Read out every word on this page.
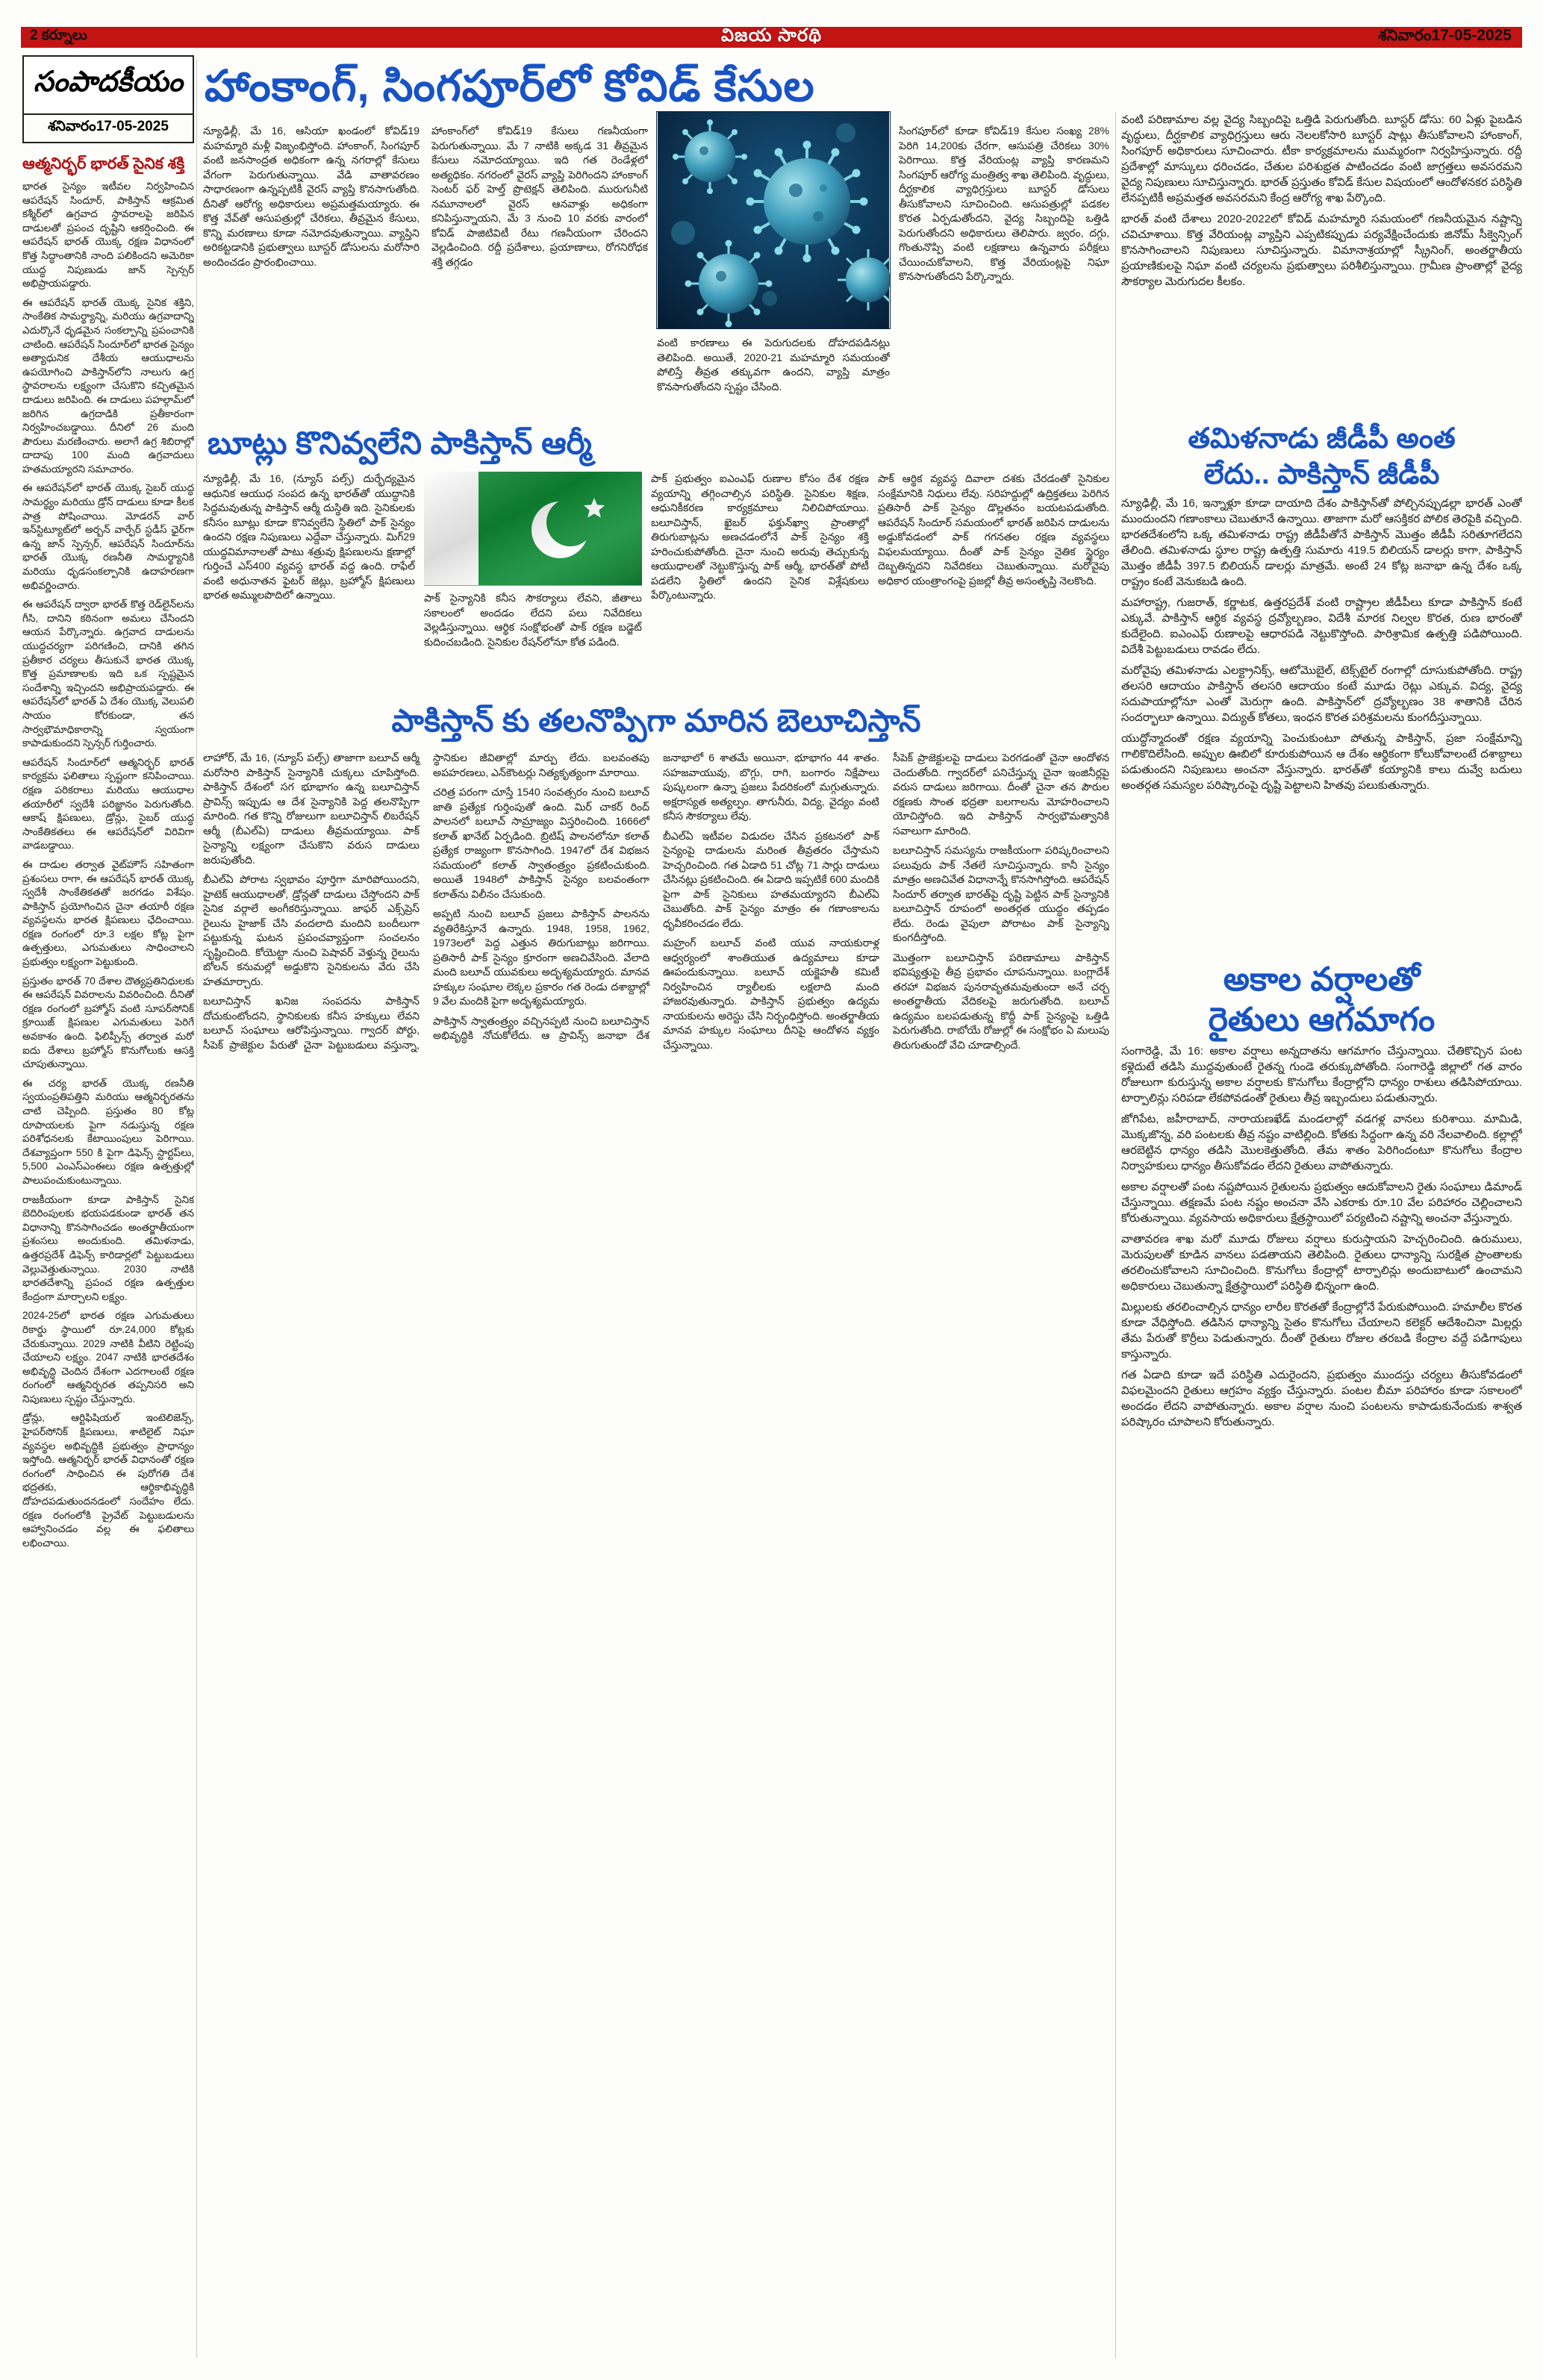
2 కర్నూలు	విజయ సారథి	శనివారం17-05-2025
సంపాదకీయం
శనివారం17-05-2025
ఆత్మనిర్భర్ భారత్ సైనిక శక్తి

భారత సైన్యం ఇటీవల నిర్వహించిన ఆపరేషన్ సిందూర్, పాకిస్తాన్ ఆక్రమిత కశ్మీర్‌లో ఉగ్రవాద స్థావరాలపై జరిపిన దాడులతో ప్రపంచ దృష్టిని ఆకర్షించింది. ఈ ఆపరేషన్ భారత్ యొక్క రక్షణ విధానంలో కొత్త సిద్ధాంతానికి నాంది పలికిందని అమెరికా యుద్ధ నిపుణుడు జాన్ స్పెన్సర్ అభిప్రాయపడ్డారు.

ఈ ఆపరేషన్ భారత్ యొక్క సైనిక శక్తిని, సాంకేతిక సామర్థ్యాన్ని, మరియు ఉగ్రవాదాన్ని ఎదుర్కొనే ధృడమైన సంకల్పాన్ని ప్రపంచానికి చాటింది. ఆపరేషన్ సిందూర్‌లో భారత సైన్యం అత్యాధునిక దేశీయ ఆయుధాలను ఉపయోగించి పాకిస్తాన్‌లోని నాలుగు ఉగ్ర స్థావరాలను లక్ష్యంగా చేసుకొని కచ్చితమైన దాడులు జరిపింది. ఈ దాడులు పహల్గామ్‌లో జరిగిన ఉగ్రదాడికి ప్రతీకారంగా నిర్వహించబడ్డాయి. దీనిలో 26 మంది పౌరులు మరణించారు. అలాగే ఉగ్ర శిబిరాల్లో దాదాపు 100 మంది ఉగ్రవాదులు హతమయ్యారని సమాచారం.

ఈ ఆపరేషన్‌లో భారత్ యొక్క సైబర్ యుద్ధ సామర్థ్యం మరియు డ్రోన్ దాడులు కూడా కీలక పాత్ర పోషించాయి. మోడరన్ వార్ ఇన్‌స్టిట్యూట్‌లో అర్బన్ వార్ఫేర్ స్టడీస్ ఛైర్‌గా ఉన్న జాన్ స్పెన్సర్, ఆపరేషన్ సిందూర్‌ను భారత్ యొక్క రణనీతి సామర్థ్యానికి మరియు ధృడసంకల్పానికి ఉదాహరణగా అభివర్ణించారు.

ఈ ఆపరేషన్ ద్వారా భారత్ కొత్త రెడ్‌లైన్‌లను గీసి, దానిని కఠినంగా అమలు చేసిందని ఆయన పేర్కొన్నారు. ఉగ్రవాద దాడులను యుద్ధచర్యగా పరిగణించి, దానికి తగిన ప్రతీకార చర్యలు తీసుకునే భారత యొక్క కొత్త ప్రమాణాలకు ఇది ఒక స్పష్టమైన సందేశాన్ని ఇచ్చిందని అభిప్రాయపడ్డారు. ఈ ఆపరేషన్‌లో భారత్ ఏ దేశం యొక్క వెలుపలి సాయం కోరకుండా, తన సార్వభౌమాధికారాన్ని స్వయంగా కాపాడుకుందని స్పెన్సర్ గుర్తించారు.

ఆపరేషన్ సిందూర్‌లో ఆత్మనిర్భర్ భారత్ కార్యక్రమ ఫలితాలు స్పష్టంగా కనిపించాయి. రక్షణ పరికరాలు మరియు ఆయుధాల తయారీలో స్వదేశీ పరిజ్ఞానం పెరుగుతోంది. ఆకాష్ క్షిపణులు, డ్రోన్లు, సైబర్ యుద్ధ సాంకేతికతలు ఈ ఆపరేషన్‌లో విరివిగా వాడబడ్డాయి.

ఈ దాడుల తర్వాత వైట్‌హౌస్ సహితంగా ప్రశంసలు రాగా, ఈ ఆపరేషన్ భారత్ యొక్క స్వదేశీ సాంకేతికతతో జరగడం విశేషం. పాకిస్తాన్ ప్రయోగించిన చైనా తయారీ రక్షణ వ్యవస్థలను భారత క్షిపణులు ఛేదించాయి. రక్షణ రంగంలో రూ.3 లక్షల కోట్ల పైగా ఉత్పత్తులు, ఎగుమతులు సాధించాలని ప్రభుత్వం లక్ష్యంగా పెట్టుకుంది.

ప్రస్తుతం భారత్ 70 దేశాల దౌత్యప్రతినిధులకు ఈ ఆపరేషన్ వివరాలను వివరించింది. దీనితో రక్షణ రంగంలో బ్రహ్మోస్ వంటి సూపర్‌సోనిక్ క్రూయిజ్ క్షిపణుల ఎగుమతులు పెరిగే అవకాశం ఉంది. ఫిలిప్పీన్స్ తర్వాత మరో ఐదు దేశాలు బ్రహ్మోస్ కొనుగోలుకు ఆసక్తి చూపుతున్నాయి.

ఈ చర్య భారత్ యొక్క రణనీతి స్వయంప్రతిపత్తిని మరియు ఆత్మనిర్భరతను చాటి చెప్పింది. ప్రస్తుతం 80 కోట్ల రూపాయలకు పైగా నడుస్తున్న రక్షణ పరిశోధనలకు కేటాయింపులు పెరిగాయి. దేశవ్యాప్తంగా 550 కి పైగా డిఫెన్స్ స్టార్టప్‌లు, 5,500 ఎంఎస్‌ఎంఈలు రక్షణ ఉత్పత్తుల్లో పాలుపంచుకుంటున్నాయి.

రాజకీయంగా కూడా పాకిస్తాన్ సైనిక బెదిరింపులకు భయపడకుండా భారత్ తన విధానాన్ని కొనసాగించడం అంతర్జాతీయంగా ప్రశంసలు అందుకుంది. తమిళనాడు, ఉత్తరప్రదేశ్ డిఫెన్స్ కారిడార్లలో పెట్టుబడులు వెల్లువెత్తుతున్నాయి. 2030 నాటికి భారతదేశాన్ని ప్రపంచ రక్షణ ఉత్పత్తుల కేంద్రంగా మార్చాలని లక్ష్యం.

2024-25లో భారత రక్షణ ఎగుమతులు రికార్డు స్థాయిలో రూ.24,000 కోట్లకు చేరుకున్నాయి. 2029 నాటికి వీటిని రెట్టింపు చేయాలని లక్ష్యం. 2047 నాటికి భారతదేశం అభివృద్ధి చెందిన దేశంగా ఎదగాలంటే రక్షణ రంగంలో ఆత్మనిర్భరత తప్పనిసరి అని నిపుణులు స్పష్టం చేస్తున్నారు.

డ్రోన్లు, ఆర్టిఫిషియల్ ఇంటెలిజెన్స్, హైపర్‌సోనిక్ క్షిపణులు, శాటిలైట్ నిఘా వ్యవస్థల అభివృద్ధికి ప్రభుత్వం ప్రాధాన్యం ఇస్తోంది. ఆత్మనిర్భర్ భారత్ విధానంతో రక్షణ రంగంలో సాధించిన ఈ పురోగతి దేశ భద్రతకు, ఆర్థికాభివృద్ధికి దోహదపడుతుందనడంలో సందేహం లేదు. రక్షణ రంగంలోకి ప్రైవేట్ పెట్టుబడులను ఆహ్వానించడం వల్ల ఈ ఫలితాలు లభించాయి.

హాంకాంగ్, సింగపూర్‌లో కోవిడ్ కేసుల

న్యూఢిల్లీ, మే 16, ఆసియా ఖండంలో కోవిడ్‌19 మహమ్మారి మళ్లీ విజృంభిస్తోంది. హాంకాంగ్, సింగపూర్ వంటి జనసాంద్రత అధికంగా ఉన్న నగరాల్లో కేసులు వేగంగా పెరుగుతున్నాయి. వేడి వాతావరణం సాధారణంగా ఉన్నప్పటికీ వైరస్ వ్యాప్తి కొనసాగుతోంది. దీనితో ఆరోగ్య అధికారులు అప్రమత్తమయ్యారు. ఈ కొత్త వేవ్‌తో ఆసుపత్రుల్లో చేరికలు, తీవ్రమైన కేసులు, కొన్ని మరణాలు కూడా నమోదవుతున్నాయి. వ్యాప్తిని అరికట్టడానికి ప్రభుత్వాలు బూస్టర్ డోసులను మరోసారి అందించడం ప్రారంభించాయి.

హాంకాంగ్‌లో కోవిడ్‌19 కేసులు గణనీయంగా పెరుగుతున్నాయి. మే 7 నాటికి అక్కడ 31 తీవ్రమైన కేసులు నమోదయ్యాయి. ఇది గత రెండేళ్లలో అత్యధికం. నగరంలో వైరస్ వ్యాప్తి పెరిగిందని హాంకాంగ్ సెంటర్ ఫర్ హెల్త్ ప్రొటెక్షన్ తెలిపింది. మురుగునీటి నమూనాలలో వైరస్ ఆనవాళ్లు అధికంగా కనిపిస్తున్నాయని, మే 3 నుంచి 10 వరకు వారంలో కోవిడ్ పాజిటివిటీ రేటు గణనీయంగా చేరిందని వెల్లడించింది. రద్దీ ప్రదేశాలు, ప్రయాణాలు, రోగనిరోధక శక్తి తగ్గడం

వంటి కారణాలు ఈ పెరుగుదలకు దోహదపడినట్లు తెలిపింది. అయితే, 2020-21 మహమ్మారి సమయంతో పోలిస్తే తీవ్రత తక్కువగా ఉందని, వ్యాప్తి మాత్రం కొనసాగుతోందని స్పష్టం చేసింది.

సింగపూర్‌లో కూడా కోవిడ్‌19 కేసుల సంఖ్య 28% పెరిగి 14,200కు చేరగా, ఆసుపత్రి చేరికలు 30% పెరిగాయి. కొత్త వేరియంట్ల వ్యాప్తి కారణమని సింగపూర్ ఆరోగ్య మంత్రిత్వ శాఖ తెలిపింది. వృద్ధులు, దీర్ఘకాలిక వ్యాధిగ్రస్తులు బూస్టర్ డోసులు తీసుకోవాలని సూచించింది. ఆసుపత్రుల్లో పడకల కొరత ఏర్పడుతోందని, వైద్య సిబ్బందిపై ఒత్తిడి పెరుగుతోందని అధికారులు తెలిపారు. జ్వరం, దగ్గు, గొంతునొప్పి వంటి లక్షణాలు ఉన్నవారు పరీక్షలు చేయించుకోవాలని, కొత్త వేరియంట్లపై నిఘా కొనసాగుతోందని పేర్కొన్నారు.

వంటి పరిణామాల వల్ల వైద్య సిబ్బందిపై ఒత్తిడి పెరుగుతోంది. బూస్టర్ డోసు: 60 ఏళ్లు పైబడిన వృద్ధులు, దీర్ఘకాలిక వ్యాధిగ్రస్తులు ఆరు నెలలకోసారి బూస్టర్ షాట్లు తీసుకోవాలని హాంకాంగ్, సింగపూర్ అధికారులు సూచించారు. టీకా కార్యక్రమాలను ముమ్మరంగా నిర్వహిస్తున్నారు. రద్దీ ప్రదేశాల్లో మాస్కులు ధరించడం, చేతుల పరిశుభ్రత పాటించడం వంటి జాగ్రత్తలు అవసరమని వైద్య నిపుణులు సూచిస్తున్నారు. భారత్ ప్రస్తుతం కోవిడ్ కేసుల విషయంలో ఆందోళనకర పరిస్థితి లేనప్పటికీ అప్రమత్తత అవసరమని కేంద్ర ఆరోగ్య శాఖ పేర్కొంది.

భారత్ వంటి దేశాలు 2020-2022లో కోవిడ్ మహమ్మారి సమయంలో గణనీయమైన నష్టాన్ని చవిచూశాయి. కొత్త వేరియంట్ల వ్యాప్తిని ఎప్పటికప్పుడు పర్యవేక్షించేందుకు జినోమ్ సీక్వెన్సింగ్ కొనసాగించాలని నిపుణులు సూచిస్తున్నారు. విమానాశ్రయాల్లో స్క్రీనింగ్, అంతర్జాతీయ ప్రయాణికులపై నిఘా వంటి చర్యలను ప్రభుత్వాలు పరిశీలిస్తున్నాయి. గ్రామీణ ప్రాంతాల్లో వైద్య సౌకర్యాల మెరుగుదల కీలకం.

బూట్లు కొనివ్వలేని పాకిస్తాన్ ఆర్మీ

న్యూఢిల్లీ, మే 16, (న్యూస్ పల్స్) దుర్భేద్యమైన ఆధునిక ఆయుధ సంపద ఉన్న భారత్‌తో యుద్ధానికి సిద్ధమవుతున్న పాకిస్తాన్ ఆర్మీ దుస్థితి ఇది. సైనికులకు కనీసం బూట్లు కూడా కొనివ్వలేని స్థితిలో పాక్ సైన్యం ఉందని రక్షణ నిపుణులు ఎద్దేవా చేస్తున్నారు. మిగ్‌29 యుద్ధవిమానాలతో పాటు శత్రువు క్షిపణులను క్షణాల్లో గుర్తించే ఎస్‌400 వ్యవస్థ భారత్ వద్ద ఉంది. రాఫేల్ వంటి అధునాతన ఫైటర్ జెట్లు, బ్రహ్మోస్ క్షిపణులు భారత అమ్ములపొదిలో ఉన్నాయి.	పాక్ సైన్యానికి కనీస సౌకర్యాలు లేవని, జీతాలు సకాలంలో అందడం లేదని పలు నివేదికలు వెల్లడిస్తున్నాయి. ఆర్థిక సంక్షోభంతో పాక్ రక్షణ బడ్జెట్ కుదించబడింది. సైనికుల రేషన్‌లోనూ కోత పడింది.

పాక్ ప్రభుత్వం ఐఎంఎఫ్ రుణాల కోసం దేశ రక్షణ వ్యయాన్ని తగ్గించాల్సిన పరిస్థితి. సైనికుల శిక్షణ, ఆధునికీకరణ కార్యక్రమాలు నిలిచిపోయాయి. బలూచిస్తాన్, ఖైబర్ ఫక్తున్‌ఖ్వా ప్రాంతాల్లో తిరుగుబాట్లను అణచడంలోనే పాక్ సైన్యం శక్తి హరించుకుపోతోంది. చైనా నుంచి అరువు తెచ్చుకున్న ఆయుధాలతో నెట్టుకొస్తున్న పాక్ ఆర్మీ, భారత్‌తో పోటీ పడలేని స్థితిలో ఉందని సైనిక విశ్లేషకులు పేర్కొంటున్నారు.

పాక్ ఆర్థిక వ్యవస్థ దివాలా దశకు చేరడంతో సైనికుల సంక్షేమానికి నిధులు లేవు. సరిహద్దుల్లో ఉద్రిక్తతలు పెరిగిన ప్రతిసారీ పాక్ సైన్యం డొల్లతనం బయటపడుతోంది. ఆపరేషన్ సిందూర్ సమయంలో భారత్ జరిపిన దాడులను అడ్డుకోవడంలో పాక్ గగనతల రక్షణ వ్యవస్థలు విఫలమయ్యాయి. దీంతో పాక్ సైన్యం నైతిక స్థైర్యం దెబ్బతిన్నదని నివేదికలు చెబుతున్నాయి. మరోవైపు అధికార యంత్రాంగంపై ప్రజల్లో తీవ్ర అసంతృప్తి నెలకొంది.

పాకిస్తాన్ కు తలనొప్పిగా మారిన బెలూచిస్తాన్

లాహోర్, మే 16, (న్యూస్ పల్స్) తాజాగా బలూచ్ ఆర్మీ మరోసారి పాకిస్తాన్ సైన్యానికి చుక్కలు చూపిస్తోంది. పాకిస్తాన్ దేశంలో సగ భూభాగం ఉన్న బలూచిస్తాన్ ప్రావిన్స్ ఇప్పుడు ఆ దేశ సైన్యానికి పెద్ద తలనొప్పిగా మారింది. గత కొన్ని రోజులుగా బలూచిస్తాన్ లిబరేషన్ ఆర్మీ (బీఎల్‌ఏ) దాడులు తీవ్రమయ్యాయి. పాక్ సైన్యాన్ని లక్ష్యంగా చేసుకొని వరుస దాడులు జరుపుతోంది.

బీఎల్‌ఏ పోరాట స్వభావం పూర్తిగా మారిపోయిందని, హైటెక్ ఆయుధాలతో, డ్రోన్లతో దాడులు చేస్తోందని పాక్ సైనిక వర్గాలే అంగీకరిస్తున్నాయి. జాఫర్ ఎక్స్‌ప్రెస్ రైలును హైజాక్ చేసి వందలాది మందిని బందీలుగా పట్టుకున్న ఘటన ప్రపంచవ్యాప్తంగా సంచలనం సృష్టించింది. కోయెట్టా నుంచి పెషావర్ వెళ్తున్న రైలును బోలన్ కనుమల్లో అడ్డుకొని సైనికులను వేరు చేసి హతమార్చారు.

బలూచిస్తాన్ ఖనిజ సంపదను పాకిస్తాన్ దోచుకుంటోందని, స్థానికులకు కనీస హక్కులు లేవని బలూచ్ సంఘాలు ఆరోపిస్తున్నాయి. గ్వాదర్ పోర్టు, సీపెక్ ప్రాజెక్టుల పేరుతో చైనా పెట్టుబడులు వస్తున్నా, స్థానికుల జీవితాల్లో మార్పు లేదు. బలవంతపు అపహరణలు, ఎన్‌కౌంటర్లు నిత్యకృత్యంగా మారాయి.

చరిత్ర పరంగా చూస్తే 1540 సంవత్సరం నుంచి బలూచ్ జాతి ప్రత్యేక గుర్తింపుతో ఉంది. మిర్ చాకర్ రింద్ పాలనలో బలూచ్ సామ్రాజ్యం విస్తరించింది. 1666లో కలాత్ ఖానేట్ ఏర్పడింది. బ్రిటిష్ పాలనలోనూ కలాత్ ప్రత్యేక రాజ్యంగా కొనసాగింది. 1947లో దేశ విభజన సమయంలో కలాత్ స్వాతంత్ర్యం ప్రకటించుకుంది. అయితే 1948లో పాకిస్తాన్ సైన్యం బలవంతంగా కలాత్‌ను విలీనం చేసుకుంది.

అప్పటి నుంచి బలూచ్ ప్రజలు పాకిస్తాన్ పాలనను వ్యతిరేకిస్తూనే ఉన్నారు. 1948, 1958, 1962, 1973లలో పెద్ద ఎత్తున తిరుగుబాట్లు జరిగాయి. ప్రతిసారీ పాక్ సైన్యం క్రూరంగా అణచివేసింది. వేలాది మంది బలూచ్ యువకులు అదృశ్యమయ్యారు. మానవ హక్కుల సంఘాల లెక్కల ప్రకారం గత రెండు దశాబ్దాల్లో 9 వేల మందికి పైగా అదృశ్యమయ్యారు.

పాకిస్తాన్ స్వాతంత్ర్యం వచ్చినప్పటి నుంచి బలూచిస్తాన్ అభివృద్ధికి నోచుకోలేదు. ఆ ప్రావిన్స్ జనాభా దేశ జనాభాలో 6 శాతమే అయినా, భూభాగం 44 శాతం. సహజవాయువు, బొగ్గు, రాగి, బంగారం నిక్షేపాలు పుష్కలంగా ఉన్నా ప్రజలు పేదరికంలో మగ్గుతున్నారు. అక్షరాస్యత అత్యల్పం. తాగునీరు, విద్య, వైద్యం వంటి కనీస సౌకర్యాలు లేవు.

బీఎల్‌ఏ ఇటీవల విడుదల చేసిన ప్రకటనలో పాక్ సైన్యంపై దాడులను మరింత తీవ్రతరం చేస్తామని హెచ్చరించింది. గత ఏడాది 51 చోట్ల 71 సార్లు దాడులు చేసినట్లు ప్రకటించింది. ఈ ఏడాది ఇప్పటికే 600 మందికి పైగా పాక్ సైనికులు హతమయ్యారని బీఎల్‌ఏ చెబుతోంది. పాక్ సైన్యం మాత్రం ఈ గణాంకాలను ధృవీకరించడం లేదు.

మహ్రంగ్ బలూచ్ వంటి యువ నాయకురాళ్ల ఆధ్వర్యంలో శాంతియుత ఉద్యమాలు కూడా ఊపందుకున్నాయి. బలూచ్ యక్జెహతీ కమిటీ నిర్వహించిన ర్యాలీలకు లక్షలాది మంది హాజరవుతున్నారు. పాకిస్తాన్ ప్రభుత్వం ఉద్యమ నాయకులను అరెస్టు చేసి నిర్బంధిస్తోంది. అంతర్జాతీయ మానవ హక్కుల సంఘాలు దీనిపై ఆందోళన వ్యక్తం చేస్తున్నాయి.

సీపెక్ ప్రాజెక్టులపై దాడులు పెరగడంతో చైనా ఆందోళన చెందుతోంది. గ్వాదర్‌లో పనిచేస్తున్న చైనా ఇంజినీర్లపై వరుస దాడులు జరిగాయి. దీంతో చైనా తన పౌరుల రక్షణకు సొంత భద్రతా బలగాలను మోహరించాలని యోచిస్తోంది. ఇది పాకిస్తాన్ సార్వభౌమత్వానికి సవాలుగా మారింది.

బలూచిస్తాన్ సమస్యను రాజకీయంగా పరిష్కరించాలని పలువురు పాక్ నేతలే సూచిస్తున్నారు. కానీ సైన్యం మాత్రం అణచివేత విధానాన్నే కొనసాగిస్తోంది. ఆపరేషన్ సిందూర్ తర్వాత భారత్‌పై దృష్టి పెట్టిన పాక్ సైన్యానికి బలూచిస్తాన్ రూపంలో అంతర్గత యుద్ధం తప్పడం లేదు. రెండు వైపులా పోరాటం పాక్ సైన్యాన్ని కుంగదీస్తోంది.

మొత్తంగా బలూచిస్తాన్ పరిణామాలు పాకిస్తాన్ భవిష్యత్తుపై తీవ్ర ప్రభావం చూపనున్నాయి. బంగ్లాదేశ్ తరహా విభజన పునరావృతమవుతుందా అనే చర్చ అంతర్జాతీయ వేదికలపై జరుగుతోంది. బలూచ్ ఉద్యమం బలపడుతున్న కొద్దీ పాక్ సైన్యంపై ఒత్తిడి పెరుగుతోంది. రాబోయే రోజుల్లో ఈ సంక్షోభం ఏ మలుపు తిరుగుతుందో వేచి చూడాల్సిందే.

తమిళనాడు జీడీపీ అంత
లేదు.. పాకిస్తాన్ జీడీపీ

న్యూఢిల్లీ, మే 16, ఇన్నాళ్లూ కూడా దాయాది దేశం పాకిస్తాన్‌తో పోల్చినప్పుడల్లా భారత్ ఎంతో ముందుందని గణాంకాలు చెబుతూనే ఉన్నాయి. తాజాగా మరో ఆసక్తికర పోలిక తెరపైకి వచ్చింది. భారతదేశంలోని ఒక్క తమిళనాడు రాష్ట్ర జీడీపీతోనే పాకిస్తాన్ మొత్తం జీడీపీ సరితూగలేదని తేలింది. తమిళనాడు స్థూల రాష్ట్ర ఉత్పత్తి సుమారు 419.5 బిలియన్ డాలర్లు కాగా, పాకిస్తాన్ మొత్తం జీడీపీ 397.5 బిలియన్ డాలర్లు మాత్రమే. అంటే 24 కోట్ల జనాభా ఉన్న దేశం ఒక్క రాష్ట్రం కంటే వెనుకబడి ఉంది.

మహారాష్ట్ర, గుజరాత్, కర్ణాటక, ఉత్తరప్రదేశ్ వంటి రాష్ట్రాల జీడీపీలు కూడా పాకిస్తాన్ కంటే ఎక్కువే. పాకిస్తాన్ ఆర్థిక వ్యవస్థ ద్రవ్యోల్బణం, విదేశీ మారక నిల్వల కొరత, రుణ భారంతో కుదేలైంది. ఐఎంఎఫ్ రుణాలపై ఆధారపడి నెట్టుకొస్తోంది. పారిశ్రామిక ఉత్పత్తి పడిపోయింది. విదేశీ పెట్టుబడులు రావడం లేదు.

మరోవైపు తమిళనాడు ఎలక్ట్రానిక్స్, ఆటోమొబైల్, టెక్స్‌టైల్ రంగాల్లో దూసుకుపోతోంది. రాష్ట్ర తలసరి ఆదాయం పాకిస్తాన్ తలసరి ఆదాయం కంటే మూడు రెట్లు ఎక్కువ. విద్య, వైద్య సదుపాయాల్లోనూ ఎంతో మెరుగ్గా ఉంది. పాకిస్తాన్‌లో ద్రవ్యోల్బణం 38 శాతానికి చేరిన సందర్భాలూ ఉన్నాయి. విద్యుత్ కోతలు, ఇంధన కొరత పరిశ్రమలను కుంగదీస్తున్నాయి.

యుద్ధోన్మాదంతో రక్షణ వ్యయాన్ని పెంచుకుంటూ పోతున్న పాకిస్తాన్, ప్రజా సంక్షేమాన్ని గాలికొదిలేసింది. అప్పుల ఊబిలో కూరుకుపోయిన ఆ దేశం ఆర్థికంగా కోలుకోవాలంటే దశాబ్దాలు పడుతుందని నిపుణులు అంచనా వేస్తున్నారు. భారత్‌తో కయ్యానికి కాలు దువ్వే బదులు అంతర్గత సమస్యల పరిష్కారంపై దృష్టి పెట్టాలని హితవు పలుకుతున్నారు.

అకాల వర్షాలతో
రైతులు ఆగమాగం

సంగారెడ్డి, మే 16: అకాల వర్షాలు అన్నదాతను ఆగమాగం చేస్తున్నాయి. చేతికొచ్చిన పంట కళ్లెదుటే తడిసి ముద్దవుతుంటే రైతన్న గుండె తరుక్కుపోతోంది. సంగారెడ్డి జిల్లాలో గత వారం రోజులుగా కురుస్తున్న అకాల వర్షాలకు కొనుగోలు కేంద్రాల్లోని ధాన్యం రాశులు తడిసిపోయాయి. టార్పాలిన్లు సరిపడా లేకపోవడంతో రైతులు తీవ్ర ఇబ్బందులు పడుతున్నారు.

జోగిపేట, జహీరాబాద్, నారాయణఖేడ్ మండలాల్లో వడగళ్ల వానలు కురిశాయి. మామిడి, మొక్కజొన్న, వరి పంటలకు తీవ్ర నష్టం వాటిల్లింది. కోతకు సిద్ధంగా ఉన్న వరి నేలవాలింది. కల్లాల్లో ఆరబెట్టిన ధాన్యం తడిసి మొలకెత్తుతోంది. తేమ శాతం పెరిగిందంటూ కొనుగోలు కేంద్రాల నిర్వాహకులు ధాన్యం తీసుకోవడం లేదని రైతులు వాపోతున్నారు.

అకాల వర్షాలతో పంట నష్టపోయిన రైతులను ప్రభుత్వం ఆదుకోవాలని రైతు సంఘాలు డిమాండ్ చేస్తున్నాయి. తక్షణమే పంట నష్టం అంచనా వేసి ఎకరాకు రూ.10 వేల పరిహారం చెల్లించాలని కోరుతున్నాయి. వ్యవసాయ అధికారులు క్షేత్రస్థాయిలో పర్యటించి నష్టాన్ని అంచనా వేస్తున్నారు.

వాతావరణ శాఖ మరో మూడు రోజులు వర్షాలు కురుస్తాయని హెచ్చరించింది. ఉరుములు, మెరుపులతో కూడిన వానలు పడతాయని తెలిపింది. రైతులు ధాన్యాన్ని సురక్షిత ప్రాంతాలకు తరలించుకోవాలని సూచించింది. కొనుగోలు కేంద్రాల్లో టార్పాలిన్లు అందుబాటులో ఉంచామని అధికారులు చెబుతున్నా క్షేత్రస్థాయిలో పరిస్థితి భిన్నంగా ఉంది.

మిల్లులకు తరలించాల్సిన ధాన్యం లారీల కొరతతో కేంద్రాల్లోనే పేరుకుపోయింది. హమాలీల కొరత కూడా వేధిస్తోంది. తడిసిన ధాన్యాన్ని సైతం కొనుగోలు చేయాలని కలెక్టర్ ఆదేశించినా మిల్లర్లు తేమ పేరుతో కొర్రీలు పెడుతున్నారు. దీంతో రైతులు రోజుల తరబడి కేంద్రాల వద్దే పడిగాపులు కాస్తున్నారు.

గత ఏడాది కూడా ఇదే పరిస్థితి ఎదురైందని, ప్రభుత్వం ముందస్తు చర్యలు తీసుకోవడంలో విఫలమైందని రైతులు ఆగ్రహం వ్యక్తం చేస్తున్నారు. పంటల బీమా పరిహారం కూడా సకాలంలో అందడం లేదని వాపోతున్నారు. అకాల వర్షాల నుంచి పంటలను కాపాడుకునేందుకు శాశ్వత పరిష్కారం చూపాలని కోరుతున్నారు.
